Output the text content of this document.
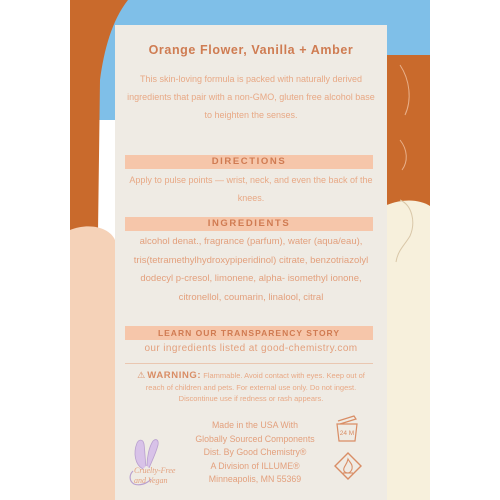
Orange Flower, Vanilla + Amber
This skin-loving formula is packed with naturally derived ingredients that pair with a non-GMO, gluten free alcohol base to heighten the senses.
DIRECTIONS
Apply to pulse points — wrist, neck, and even the back of the knees.
INGREDIENTS
alcohol denat., fragrance (parfum), water (aqua/eau), tris(tetramethylhydroxypiperidinol) citrate, benzotriazolyl dodecyl p-cresol, limonene, alpha- isomethyl ionone, citronellol, coumarin, linalool, citral
LEARN OUR TRANSPARENCY STORY
our ingredients listed at good-chemistry.com
⚠ WARNING: Flammable. Avoid contact with eyes. Keep out of reach of children and pets. For external use only. Do not ingest. Discontinue use if redness or rash appears.
Made in the USA With
Globally Sourced Components
Dist. By Good Chemistry®
A Division of ILLUME®
Minneapolis, MN 55369
Cruelty-Free
and Vegan
24 M
